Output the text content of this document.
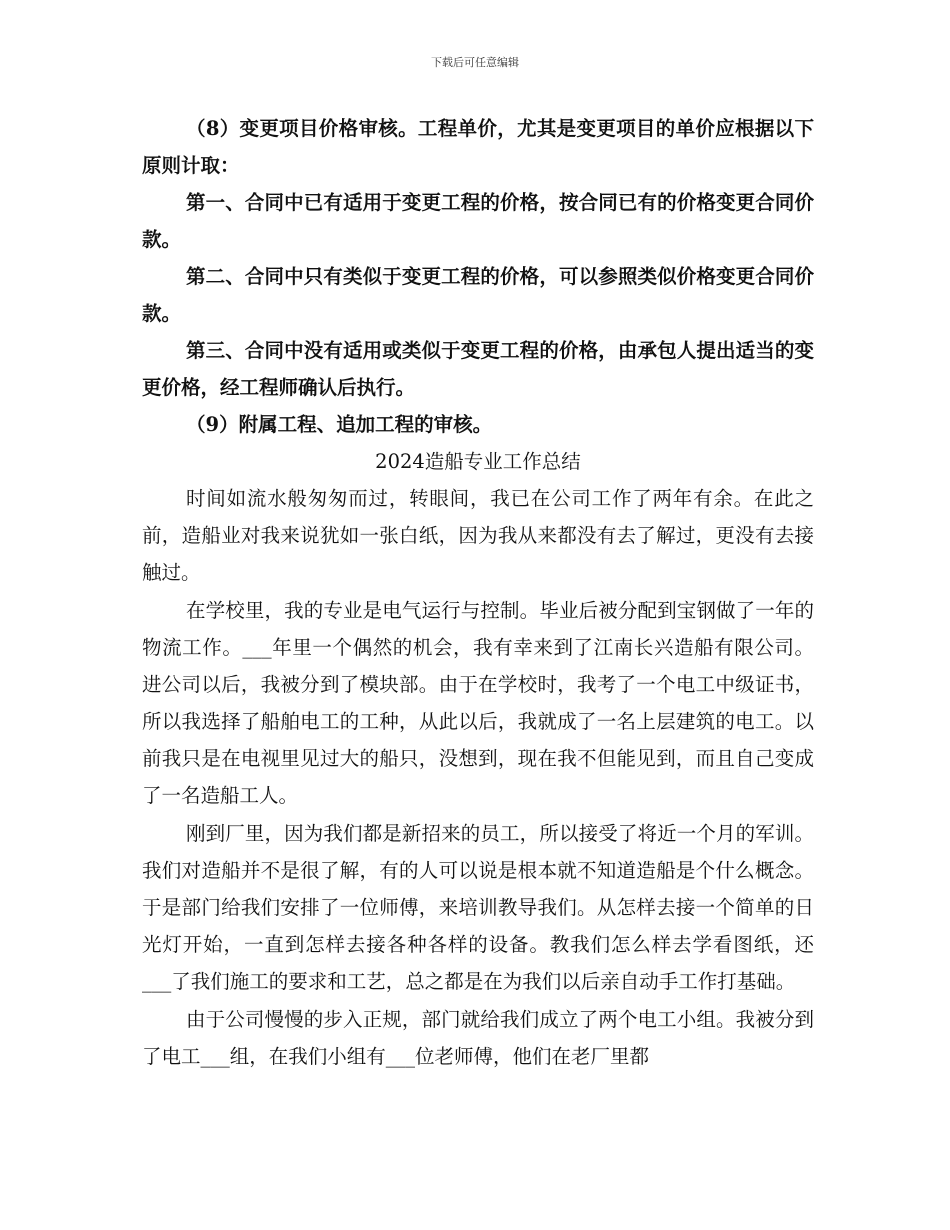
下载后可任意编辑

（8）变更项目价格审核。工程单价，尤其是变更项目的单价应根据以下原则计取：

第一、合同中已有适用于变更工程的价格，按合同已有的价格变更合同价款。

第二、合同中只有类似于变更工程的价格，可以参照类似价格变更合同价款。

第三、合同中没有适用或类似于变更工程的价格，由承包人提出适当的变更价格，经工程师确认后执行。

（9）附属工程、追加工程的审核。

2024造船专业工作总结

时间如流水般匆匆而过，转眼间，我已在公司工作了两年有余。在此之前，造船业对我来说犹如一张白纸，因为我从来都没有去了解过，更没有去接触过。

在学校里，我的专业是电气运行与控制。毕业后被分配到宝钢做了一年的物流工作。___年里一个偶然的机会，我有幸来到了江南长兴造船有限公司。进公司以后，我被分到了模块部。由于在学校时，我考了一个电工中级证书，所以我选择了船舶电工的工种，从此以后，我就成了一名上层建筑的电工。以前我只是在电视里见过大的船只，没想到，现在我不但能见到，而且自己变成了一名造船工人。

刚到厂里，因为我们都是新招来的员工，所以接受了将近一个月的军训。我们对造船并不是很了解，有的人可以说是根本就不知道造船是个什么概念。于是部门给我们安排了一位师傅，来培训教导我们。从怎样去接一个简单的日光灯开始，一直到怎样去接各种各样的设备。教我们怎么样去学看图纸，还___了我们施工的要求和工艺，总之都是在为我们以后亲自动手工作打基础。

由于公司慢慢的步入正规，部门就给我们成立了两个电工小组。我被分到了电工___组，在我们小组有___位老师傅，他们在老厂里都
